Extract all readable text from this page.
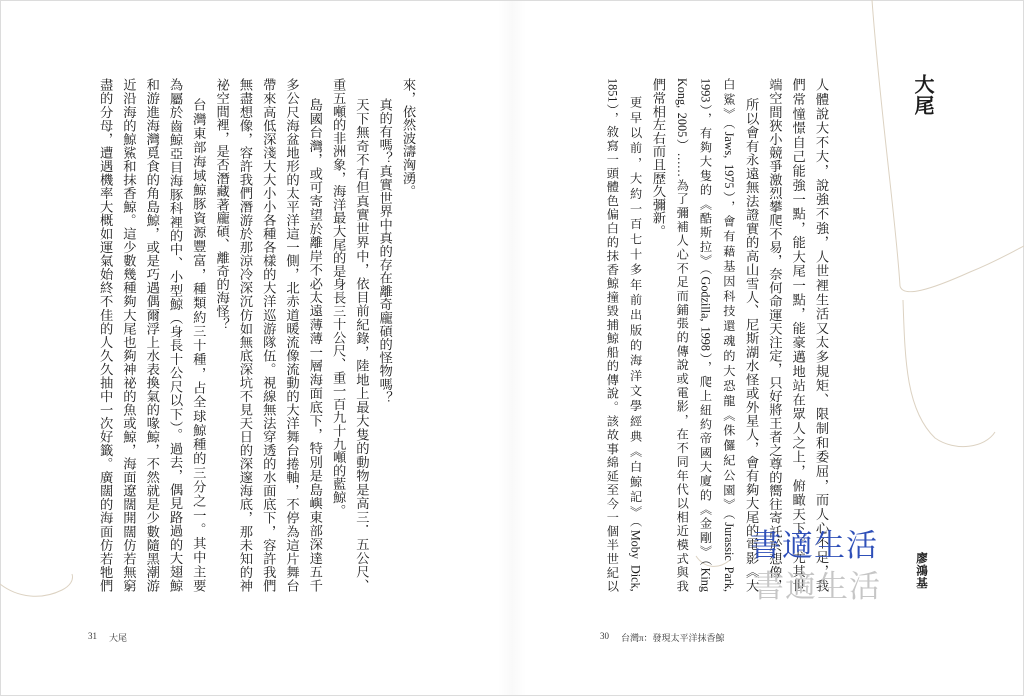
大尾
廖鴻基
人體說大不大，說強不強，人世裡生活又太多規矩、限制和委屈，而人心不足，我
們常憧憬自己能強一點，能大尾一點，能豪邁地站在眾人之上，俯瞰天下。尤其世
端空間狹小競爭激烈攀爬不易，奈何命運天注定，只好將王者之尊的嚮往寄託於想像，
所以會有永遠無法證實的高山雪人、尼斯湖水怪或外星人，會有夠大尾的電影《大
白鯊》（Jaws, 1975），會有藉基因科技還魂的大恐龍《侏儸紀公園》（Jurassic Park,
1993），有夠大隻的《酷斯拉》（Godzilla, 1998），爬上紐約帝國大廈的《金剛》（King
Kong, 2005）……為了彌補人心不足而鋪張的傳說或電影，在不同年代以相近模式與我
們常相左右而且歷久彌新。
更早以前，大約一百七十多年前出版的海洋文學經典《白鯨記》（Moby Dick,
1851），敘寫一頭體色偏白的抹香鯨撞毀捕鯨船的傳說。該故事綿延至今一個半世紀以
30 台灣π：發現太平洋抹香鯨
來，依然波濤洶湧。
真的有嗎？真實世界中真的存在離奇龐碩的怪物嗎？
天下無奇不有但真實世界中，依目前紀錄，陸地上最大隻的動物是高三．五公尺、
重五噸的非洲象，海洋最大尾的是身長三十公尺、重一百九十九噸的藍鯨。
島國台灣，或可寄望於離岸不必太遠薄薄一層海面底下，特別是島嶼東部深達五千
多公尺海盆地形的太平洋這一側，北赤道暖流像流動的大洋舞台捲軸，不停為這片舞台
帶來高低深淺大大小小各種各樣的大洋巡游隊伍。視線無法穿透的水面底下，容許我們
無盡想像，容許我們潛游於那涼冷深沉仿如無底深坑不見天日的深邃海底，那未知的神
祕空間裡，是否潛藏著龐碩、離奇的海怪？
台灣東部海域鯨豚資源豐富，種類約三十種，占全球鯨種的三分之一。其中主要
為屬於齒鯨亞目海豚科裡的中、小型鯨（身長十公尺以下）。過去，偶見路過的大翅鯨
和游進海灣覓食的角島鯨，或是巧遇偶爾浮上水表換氣的喙鯨，不然就是少數隨黑潮游
近沿海的鯨鯊和抹香鯨。這少數幾種夠大尾也夠神祕的魚或鯨，海面遼闊開闊仿若無窮
盡的分母，遭遇機率大概如運氣始終不佳的人久久抽中一次好籤。廣闊的海面仿若牠們
31 大尾
書適生活
書適生活
